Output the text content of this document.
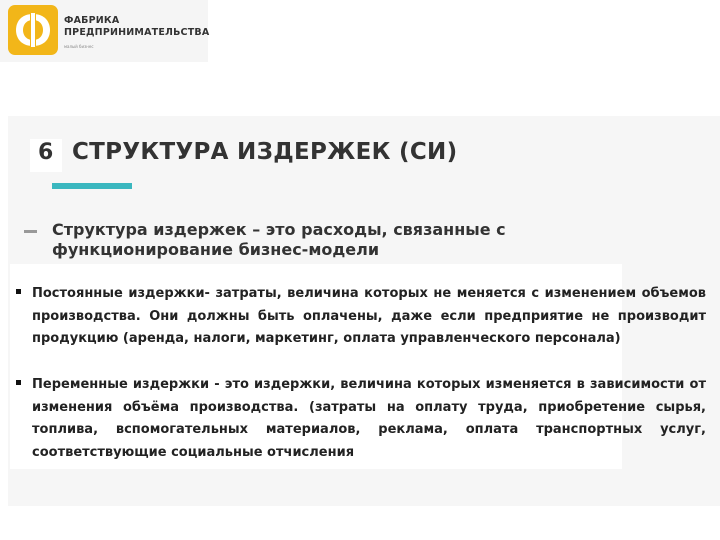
ФАБРИКА
ПРЕДПРИНИМАТЕЛЬСТВА
малый бизнес
6 СТРУКТУРА ИЗДЕРЖЕК (СИ)
Структура издержек – это расходы, связанные с функционирование бизнес-модели
Постоянные издержки- затраты, величина которых не меняется с изменением объемов производства. Они должны быть оплачены, даже если предприятие не производит продукцию (аренда, налоги, маркетинг, оплата управленческого персонала)
Переменные издержки - это издержки, величина которых изменяется в зависимости от изменения объёма производства. (затраты на оплату труда, приобретение сырья, топлива, вспомогательных материалов, реклама, оплата транспортных услуг, соответствующие социальные отчисления
